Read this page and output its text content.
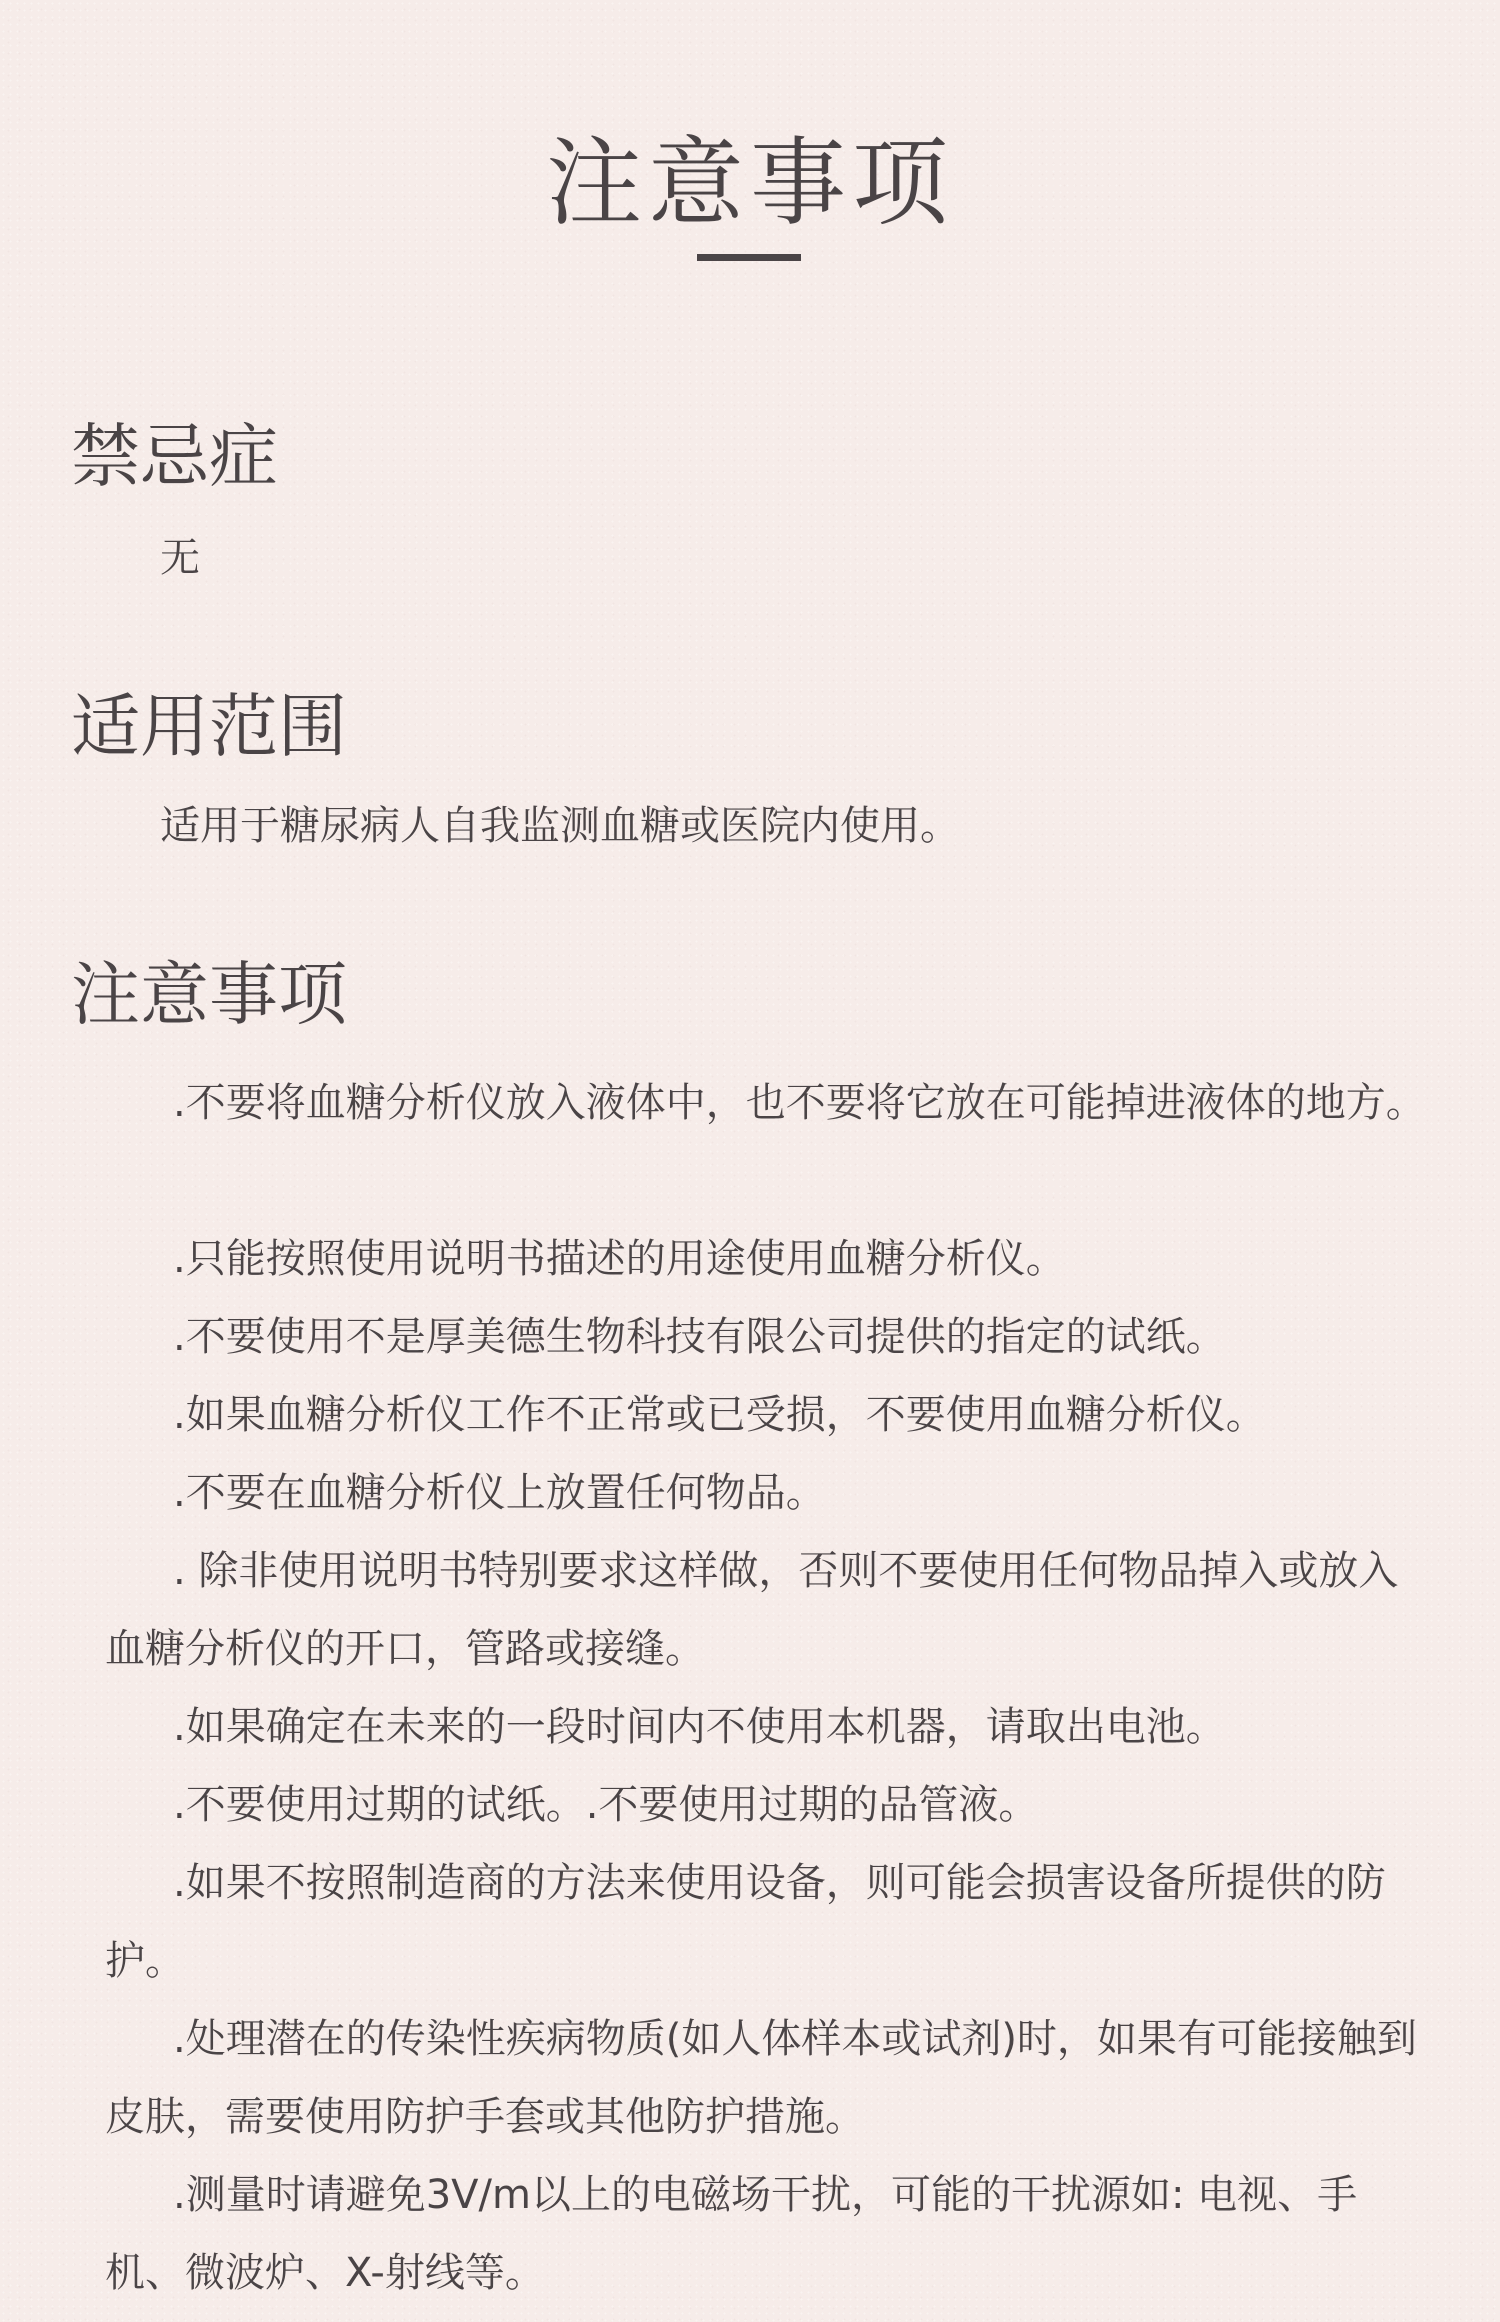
注意事项
禁忌症
无
适用范围
适用于糖尿病人自我监测血糖或医院内使用。
注意事项

.不要将血糖分析仪放入液体中，也不要将它放在可能掉进液体的地方。

.只能按照使用说明书描述的用途使用血糖分析仪。

.不要使用不是厚美德生物科技有限公司提供的指定的试纸。

.如果血糖分析仪工作不正常或已受损，不要使用血糖分析仪。

.不要在血糖分析仪上放置任何物品。

. 除非使用说明书特别要求这样做，否则不要使用任何物品掉入或放入血糖分析仪的开口，管路或接缝。

.如果确定在未来的一段时间内不使用本机器，请取出电池。

.不要使用过期的试纸。.不要使用过期的品管液。

.如果不按照制造商的方法来使用设备，则可能会损害设备所提供的防护。

.处理潜在的传染性疾病物质(如人体样本或试剂)时，如果有可能接触到皮肤，需要使用防护手套或其他防护措施。

.测量时请避免3V/m以上的电磁场干扰，可能的干扰源如: 电视、手机、微波炉、X-射线等。
